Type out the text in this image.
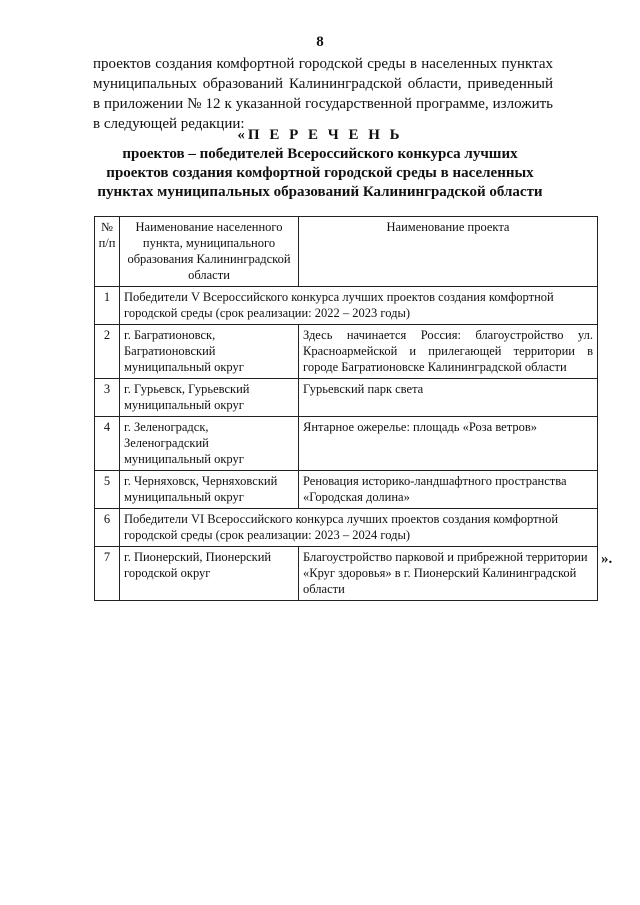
8
проектов создания комфортной городской среды в населенных пунктах
муниципальных образований Калининградской области, приведенный
в приложении № 12 к указанной государственной программе, изложить
в следующей редакции:
«П Е Р Е Ч Е Н Ь
проектов – победителей Всероссийского конкурса лучших
проектов создания комфортной городской среды в населенных
пунктах муниципальных образований Калининградской области
№ п/п	Наименование населенного пункта, муниципального образования Калининградской области	Наименование проекта
1	Победители V Всероссийского конкурса лучших проектов создания комфортной городской среды (срок реализации: 2022 – 2023 годы)	
2	г. Багратионовск, Багратионовский муниципальный округ	Здесь начинается Россия: благоустройство ул. Красноармейской и прилегающей территории в городе Багратионовске Калининградской области
3	г. Гурьевск, Гурьевский муниципальный округ	Гурьевский парк света
4	г. Зеленоградск, Зеленоградский муниципальный округ	Янтарное ожерелье: площадь «Роза ветров»
5	г. Черняховск, Черняховский муниципальный округ	Реновация историко-ландшафтного пространства «Городская долина»
6	Победители VI Всероссийского конкурса лучших проектов создания комфортной городской среды (срок реализации: 2023 – 2024 годы)	
7	г. Пионерский, Пионерский городской округ	Благоустройство парковой и прибрежной территории «Круг здоровья» в г. Пионерский Калининградской области
».
